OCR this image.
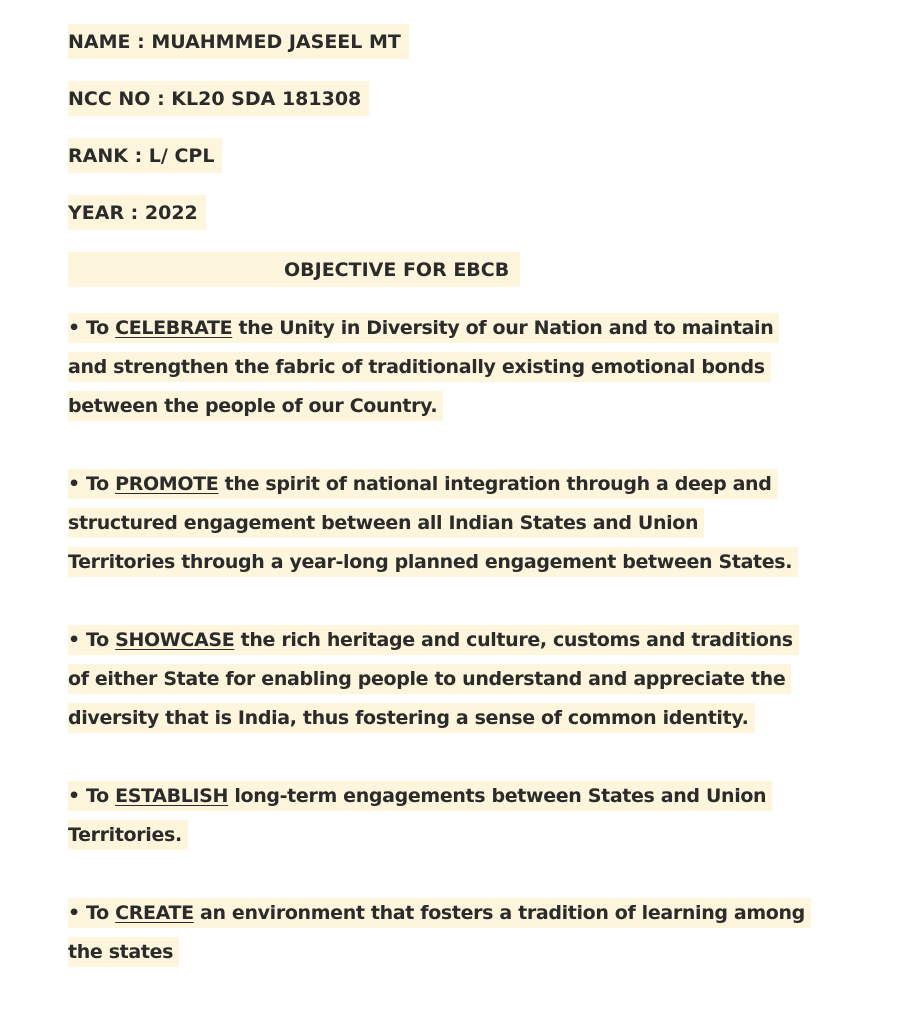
NAME : MUAHMMED JASEEL MT
NCC NO : KL20 SDA 181308
RANK : L/ CPL
YEAR : 2022
OBJECTIVE FOR EBCB
• To CELEBRATE the Unity in Diversity of our Nation and to maintain
and strengthen the fabric of traditionally existing emotional bonds
between the people of our Country.
• To PROMOTE the spirit of national integration through a deep and
structured engagement between all Indian States and Union
Territories through a year-long planned engagement between States.
• To SHOWCASE the rich heritage and culture, customs and traditions
of either State for enabling people to understand and appreciate the
diversity that is India, thus fostering a sense of common identity.
• To ESTABLISH long-term engagements between States and Union
Territories.
• To CREATE an environment that fosters a tradition of learning among
the states
